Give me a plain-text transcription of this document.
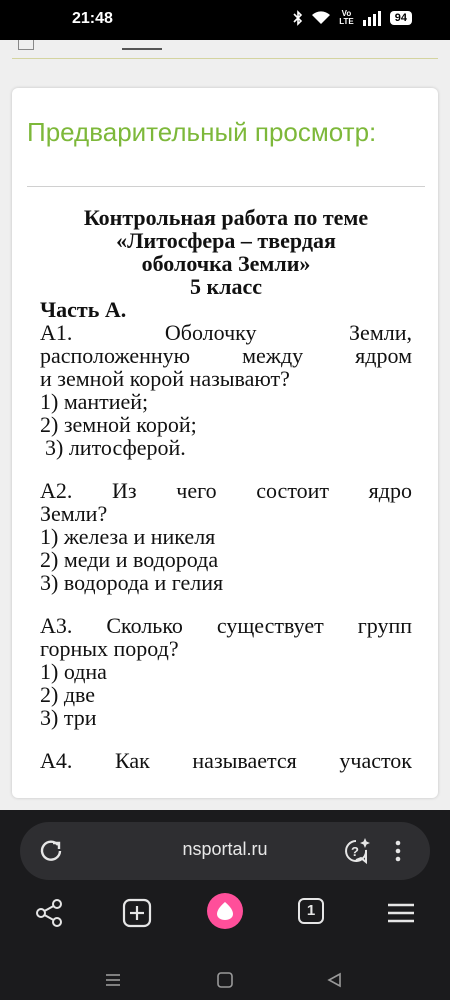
21:48	Vo
LTE	94
Предварительный просмотр:

Контрольная работа по теме

«Литосфера – твердая

оболочка Земли»

5 класс

Часть А.

А1. Оболочку Земли,

расположенную между ядром

и земной корой называют?

1) мантией;

2) земной корой;

3) литосферой.

А2. Из чего состоит ядро

Земли?

1) железа и никеля

2) меди и водорода

3) водорода и гелия

А3. Сколько существует групп

горных пород?

1) одна

2) две

3) три

А4. Как называется участок

nsportal.ru	?
1
